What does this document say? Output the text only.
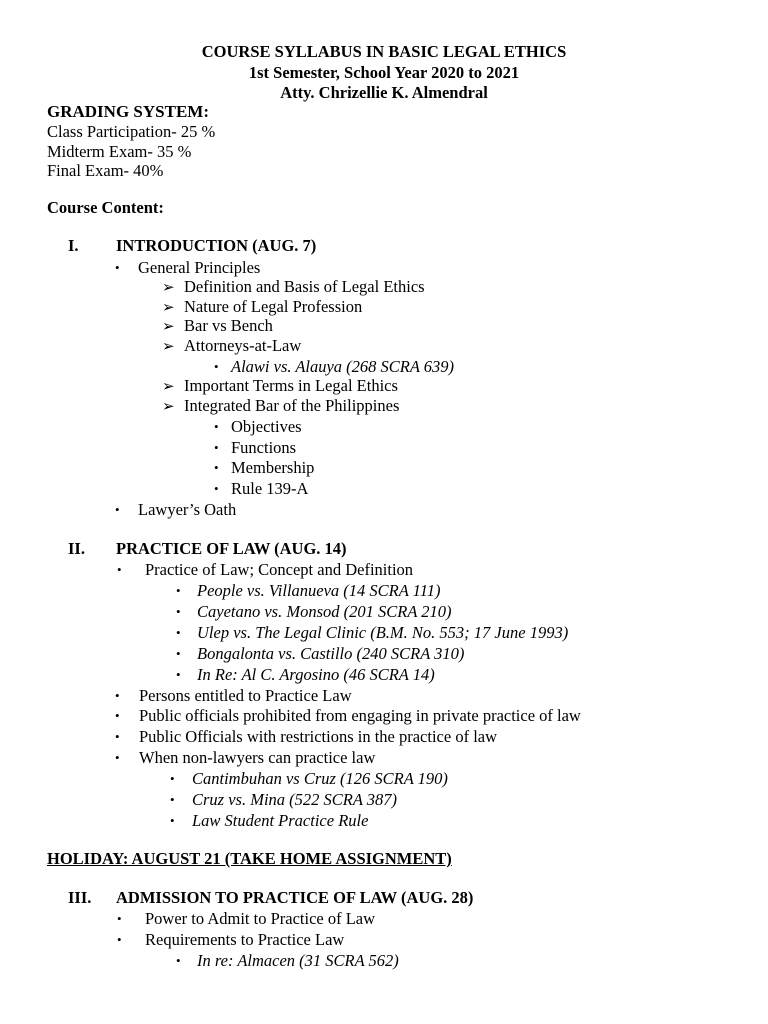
COURSE SYLLABUS IN BASIC LEGAL ETHICS
1st Semester, School Year 2020 to 2021
Atty. Chrizellie K. Almendral
GRADING SYSTEM:
Class Participation- 25 %
Midterm Exam- 35 %
Final Exam- 40%
Course Content:
I. INTRODUCTION (AUG. 7)
• General Principles
➢ Definition and Basis of Legal Ethics
➢ Nature of Legal Profession
➢ Bar vs Bench
➢ Attorneys-at-Law
• Alawi vs. Alauya (268 SCRA 639)
➢ Important Terms in Legal Ethics
➢ Integrated Bar of the Philippines
• Objectives
• Functions
• Membership
• Rule 139-A
• Lawyer’s Oath
II. PRACTICE OF LAW (AUG. 14)
• Practice of Law; Concept and Definition
• People vs. Villanueva (14 SCRA 111)
• Cayetano vs. Monsod (201 SCRA 210)
• Ulep vs. The Legal Clinic (B.M. No. 553; 17 June 1993)
• Bongalonta vs. Castillo (240 SCRA 310)
• In Re: Al C. Argosino (46 SCRA 14)
• Persons entitled to Practice Law
• Public officials prohibited from engaging in private practice of law
• Public Officials with restrictions in the practice of law
• When non-lawyers can practice law
• Cantimbuhan vs Cruz (126 SCRA 190)
• Cruz vs. Mina (522 SCRA 387)
• Law Student Practice Rule
HOLIDAY: AUGUST 21 (TAKE HOME ASSIGNMENT)
III. ADMISSION TO PRACTICE OF LAW (AUG. 28)
• Power to Admit to Practice of Law
• Requirements to Practice Law
• In re: Almacen (31 SCRA 562)
